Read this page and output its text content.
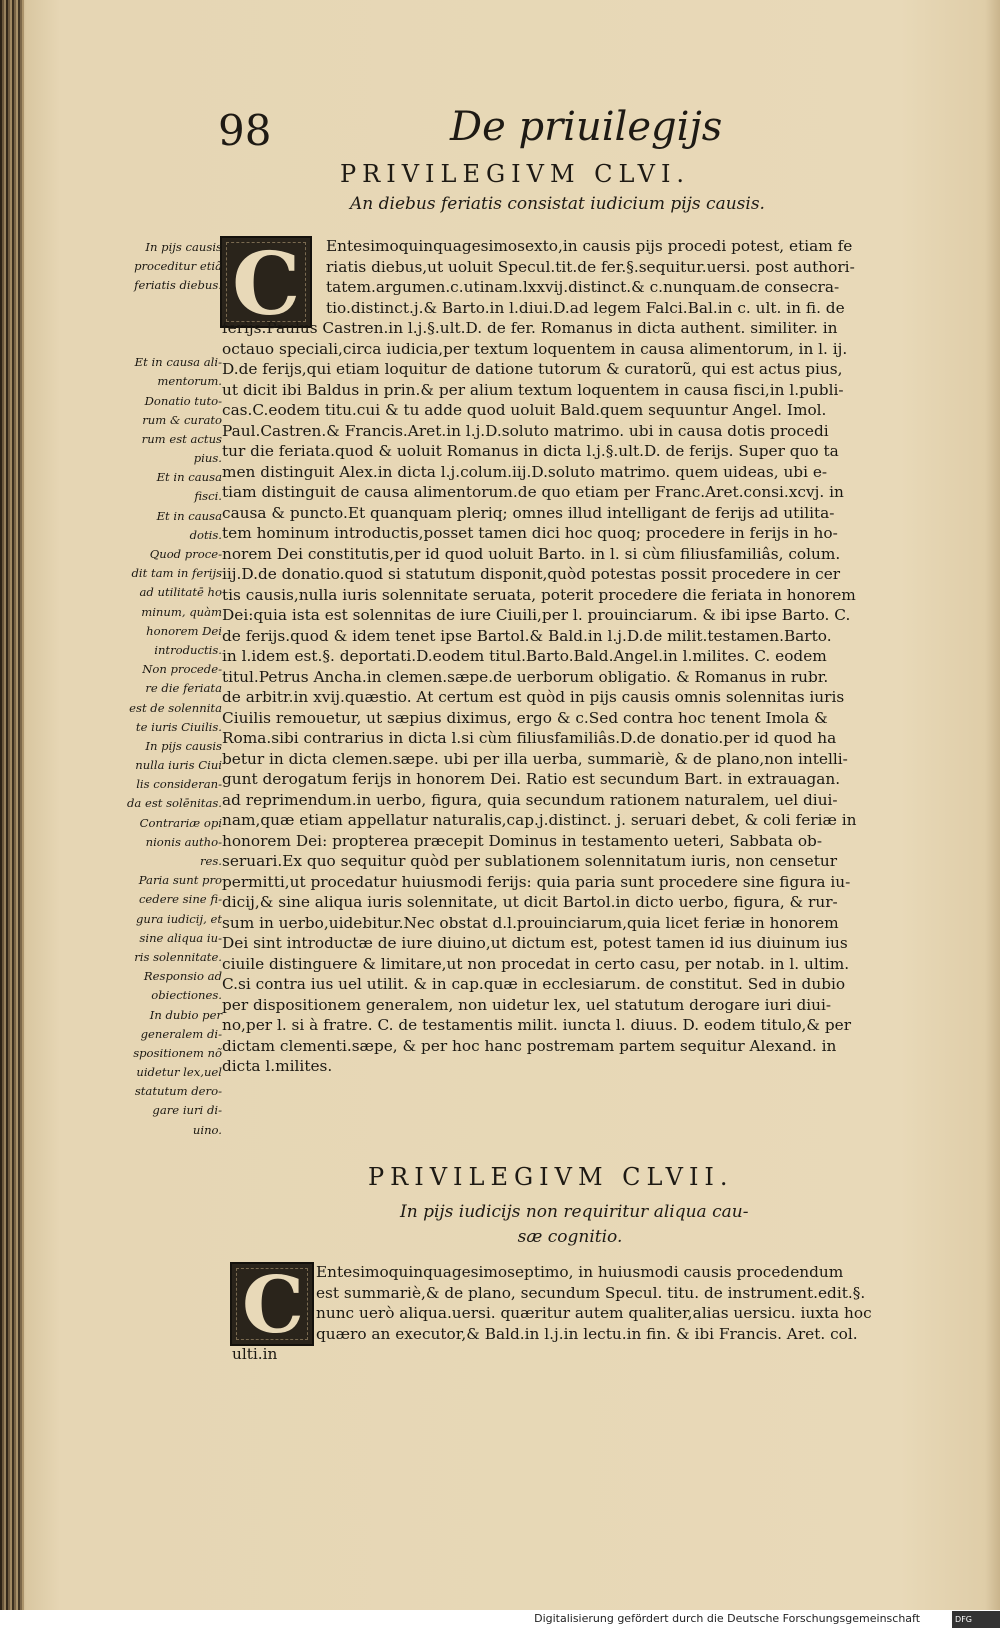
98	De priuilegijs
PRIVILEGIVM CLVI.
An diebus feriatis consistat iudicium pijs causis.
C	Entesimoquinquagesimosexto,in causis pijs procedi potest, etiam fe
riatis diebus,ut uoluit Specul.tit.de fer.§.sequitur.uersi. post authori-
tatem.argumen.c.utinam.lxxvij.distinct.& c.nunquam.de consecra-
tio.distinct.j.& Barto.in l.diui.D.ad legem Falci.Bal.in c. ult. in fi. de
ferijs.Paulus Castren.in l.j.§.ult.D. de fer. Romanus in dicta authent. similiter. in
octauo speciali,circa iudicia,per textum loquentem in causa alimentorum, in l. ij.
D.de ferijs,qui etiam loquitur de datione tutorum & curatorũ, qui est actus pius,
ut dicit ibi Baldus in prin.& per alium textum loquentem in causa fisci,in l.publi-
cas.C.eodem titu.cui & tu adde quod uoluit Bald.quem sequuntur Angel. Imol.
Paul.Castren.& Francis.Aret.in l.j.D.soluto matrimo. ubi in causa dotis procedi
tur die feriata.quod & uoluit Romanus in dicta l.j.§.ult.D. de ferijs. Super quo ta
men distinguit Alex.in dicta l.j.colum.iij.D.soluto matrimo. quem uideas, ubi e-
tiam distinguit de causa alimentorum.de quo etiam per Franc.Aret.consi.xcvj. in
causa & puncto.Et quanquam pleriq; omnes illud intelligant de ferijs ad utilita-
tem hominum introductis,posset tamen dici hoc quoq; procedere in ferijs in ho-
norem Dei constitutis,per id quod uoluit Barto. in l. si cùm filiusfamiliâs, colum.
iij.D.de donatio.quod si statutum disponit,quòd potestas possit procedere in cer
tis causis,nulla iuris solennitate seruata, poterit procedere die feriata in honorem
Dei:quia ista est solennitas de iure Ciuili,per l. prouinciarum. & ibi ipse Barto. C.
de ferijs.quod & idem tenet ipse Bartol.& Bald.in l.j.D.de milit.testamen.Barto.
in l.idem est.§. deportati.D.eodem titul.Barto.Bald.Angel.in l.milites. C. eodem
titul.Petrus Ancha.in clemen.sæpe.de uerborum obligatio. & Romanus in rubr.
de arbitr.in xvij.quæstio. At certum est quòd in pijs causis omnis solennitas iuris
Ciuilis remouetur, ut sæpius diximus, ergo & c.Sed contra hoc tenent Imola &
Roma.sibi contrarius in dicta l.si cùm filiusfamiliâs.D.de donatio.per id quod ha
betur in dicta clemen.sæpe. ubi per illa uerba, summariè, & de plano,non intelli-
gunt derogatum ferijs in honorem Dei. Ratio est secundum Bart. in extrauagan.
ad reprimendum.in uerbo, figura, quia secundum rationem naturalem, uel diui-
nam,quæ etiam appellatur naturalis,cap.j.distinct. j. seruari debet, & coli feriæ in
honorem Dei: propterea præcepit Dominus in testamento ueteri, Sabbata ob-
seruari.Ex quo sequitur quòd per sublationem solennitatum iuris, non censetur
permitti,ut procedatur huiusmodi ferijs: quia paria sunt procedere sine figura iu-
dicij,& sine aliqua iuris solennitate, ut dicit Bartol.in dicto uerbo, figura, & rur-
sum in uerbo,uidebitur.Nec obstat d.l.prouinciarum,quia licet feriæ in honorem
Dei sint introductæ de iure diuino,ut dictum est, potest tamen id ius diuinum ius
ciuile distinguere & limitare,ut non procedat in certo casu, per notab. in l. ultim.
C.si contra ius uel utilit. & in cap.quæ in ecclesiarum. de constitut. Sed in dubio
per dispositionem generalem, non uidetur lex, uel statutum derogare iuri diui-
no,per l. si à fratre. C. de testamentis milit. iuncta l. diuus. D. eodem titulo,& per
dictam clementi.sæpe, & per hoc hanc postremam partem sequitur Alexand. in
dicta l.milites.
In pijs causis
proceditur etiã
feriatis diebus.
Et in causa ali-
mentorum.
Donatio tuto-
rum & curato
rum est actus
pius.
Et in causa
fisci.
Et in causa
dotis.
Quod proce-
dit tam in ferijs
ad utilitatē ho
minum, quàm
honorem Dei
introductis.
Non procede-
re die feriata
est de solennita
te iuris Ciuilis.
In pijs causis
nulla iuris Ciui
lis consideran-
da est solēnitas.
Contrariæ opi
nionis autho-
res.
Paria sunt pro
cedere sine fi-
gura iudicij, et
sine aliqua iu-
ris solennitate.
Responsio ad
obiectiones.
In dubio per
generalem di-
spositionem nõ
uidetur lex,uel
statutum dero-
gare iuri di-
uino.
PRIVILEGIVM CLVII.
In pijs iudicijs non requiritur aliqua cau-
sæ cognitio.
C Entesimoquinquagesimoseptimo, in huiusmodi causis procedendum
est summariè,& de plano, secundum Specul. titu. de instrument.edit.§.
nunc uerò aliqua.uersi. quæritur autem qualiter,alias uersicu. iuxta hoc
quæro an executor,& Bald.in l.j.in lectu.in fin. & ibi Francis. Aret. col.
ulti.in
Digitalisierung gefördert durch die Deutsche Forschungsgemeinschaft	DFG
